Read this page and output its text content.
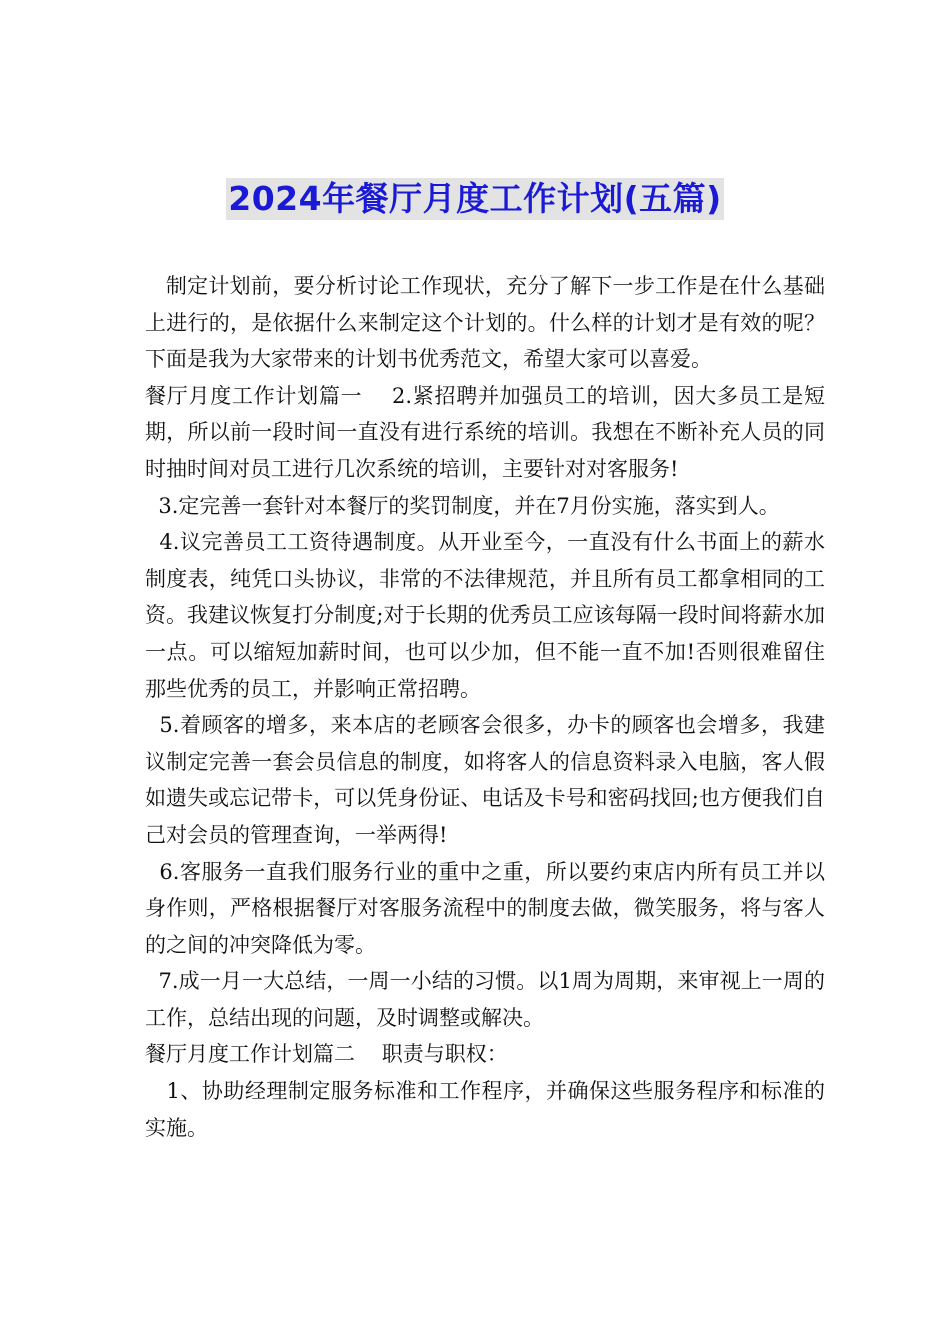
2024年餐厅月度工作计划(五篇)

制定计划前，要分析讨论工作现状，充分了解下一步工作是在什么基础上进行的，是依据什么来制定这个计划的。什么样的计划才是有效的呢？下面是我为大家带来的计划书优秀范文，希望大家可以喜爱。

餐厅月度工作计划篇一    2.紧招聘并加强员工的培训，因大多员工是短期，所以前一段时间一直没有进行系统的培训。我想在不断补充人员的同时抽时间对员工进行几次系统的培训，主要针对对客服务!

3.定完善一套针对本餐厅的奖罚制度，并在7月份实施，落实到人。

4.议完善员工工资待遇制度。从开业至今，一直没有什么书面上的薪水制度表，纯凭口头协议，非常的不法律规范，并且所有员工都拿相同的工资。我建议恢复打分制度;对于长期的优秀员工应该每隔一段时间将薪水加一点。可以缩短加薪时间，也可以少加，但不能一直不加!否则很难留住那些优秀的员工，并影响正常招聘。

5.着顾客的增多，来本店的老顾客会很多，办卡的顾客也会增多，我建议制定完善一套会员信息的制度，如将客人的信息资料录入电脑，客人假如遗失或忘记带卡，可以凭身份证、电话及卡号和密码找回;也方便我们自己对会员的管理查询，一举两得!

6.客服务一直我们服务行业的重中之重，所以要约束店内所有员工并以身作则，严格根据餐厅对客服务流程中的制度去做，微笑服务，将与客人的之间的冲突降低为零。

7.成一月一大总结，一周一小结的习惯。以1周为周期，来审视上一周的工作，总结出现的问题，及时调整或解决。

餐厅月度工作计划篇二    职责与职权：

1、协助经理制定服务标准和工作程序，并确保这些服务程序和标准的实施。
